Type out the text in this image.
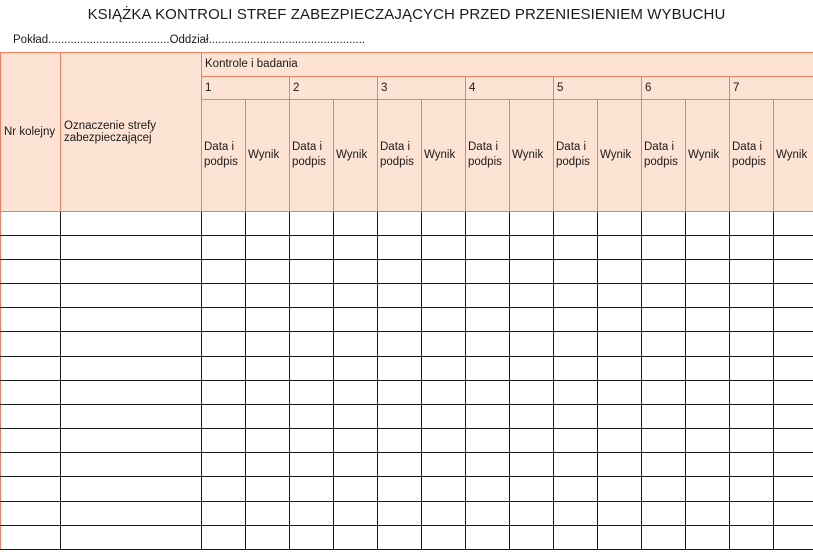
KSIĄŻKA KONTROLI STREF ZABEZPIECZAJĄCYCH PRZED PRZENIESIENIEM WYBUCHU
Pokład......................................Oddział.................................................
Nr kolejny	Oznaczenie strefy zabezpieczającej	Kontrole i badania													
		1		2		3		4		5		6		7	
		Data i podpis	Wynik	Data i podpis	Wynik	Data i podpis	Wynik	Data i podpis	Wynik	Data i podpis	Wynik	Data i podpis	Wynik	Data i podpis	Wynik
